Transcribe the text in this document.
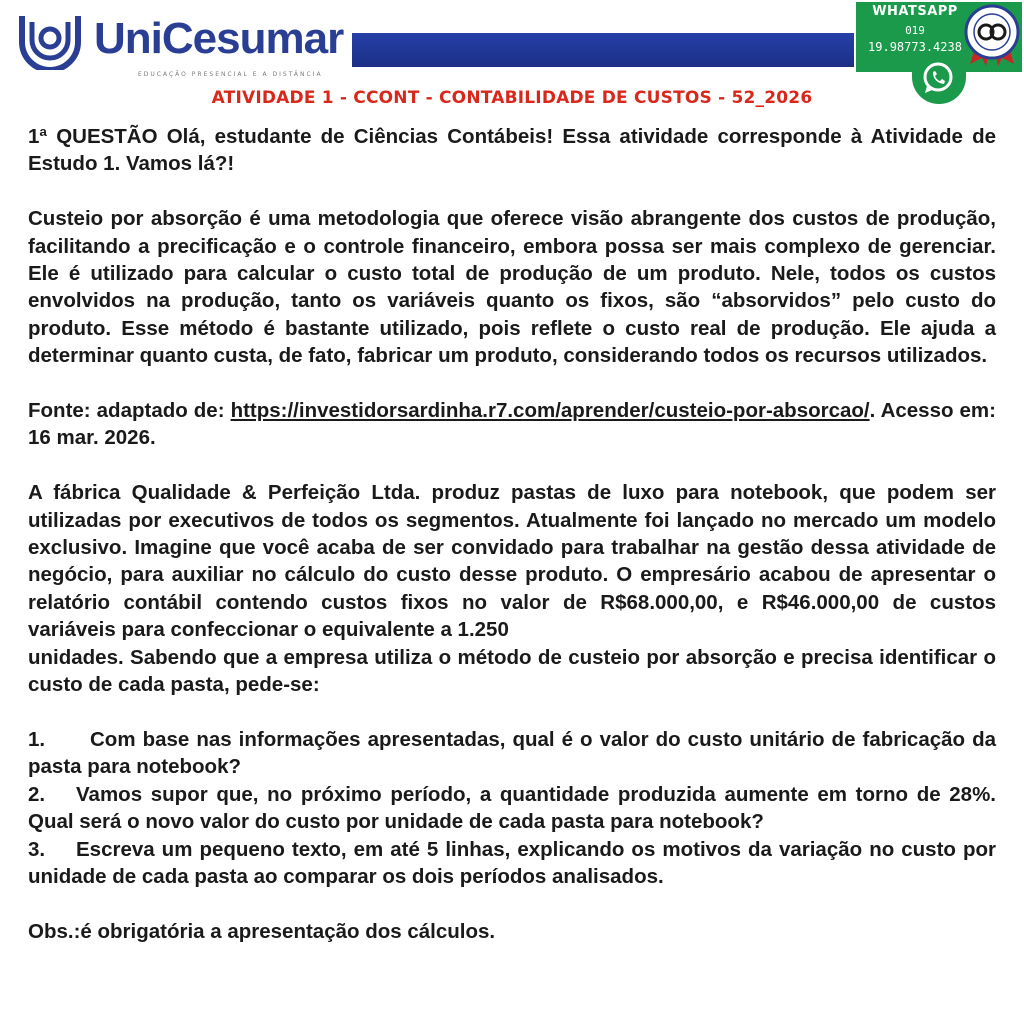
UniCesumar
EDUCAÇÃO PRESENCIAL E A DISTÂNCIA
WHATSAPP
019
19.98773.4238
ATIVIDADE 1 - CCONT - CONTABILIDADE DE CUSTOS - 52_2026

1ª QUESTÃO Olá, estudante de Ciências Contábeis! Essa atividade corresponde à Atividade de Estudo 1. Vamos lá?!

Custeio por absorção é uma metodologia que oferece visão abrangente dos custos de produção, facilitando a precificação e o controle financeiro, embora possa ser mais complexo de gerenciar. Ele é utilizado para calcular o custo total de produção de um produto. Nele, todos os custos envolvidos na produção, tanto os variáveis quanto os fixos, são “absorvidos” pelo custo do produto. Esse método é bastante utilizado, pois reflete o custo real de produção. Ele ajuda a determinar quanto custa, de fato, fabricar um produto, considerando todos os recursos utilizados.

Fonte: adaptado de: https://investidorsardinha.r7.com/aprender/custeio-por-absorcao/. Acesso em: 16 mar. 2026.

A fábrica Qualidade & Perfeição Ltda. produz pastas de luxo para notebook, que podem ser utilizadas por executivos de todos os segmentos. Atualmente foi lançado no mercado um modelo exclusivo. Imagine que você acaba de ser convidado para trabalhar na gestão dessa atividade de negócio, para auxiliar no cálculo do custo desse produto. O empresário acabou de apresentar o relatório contábil contendo custos fixos no valor de R$68.000,00, e R$46.000,00 de custos variáveis para confeccionar o equivalente a 1.250

unidades. Sabendo que a empresa utiliza o método de custeio por absorção e precisa identificar o custo de cada pasta, pede-se:

1. Com base nas informações apresentadas, qual é o valor do custo unitário de fabricação da pasta para notebook?

2. Vamos supor que, no próximo período, a quantidade produzida aumente em torno de 28%. Qual será o novo valor do custo por unidade de cada pasta para notebook?

3. Escreva um pequeno texto, em até 5 linhas, explicando os motivos da variação no custo por unidade de cada pasta ao comparar os dois períodos analisados.

Obs.:é obrigatória a apresentação dos cálculos.
